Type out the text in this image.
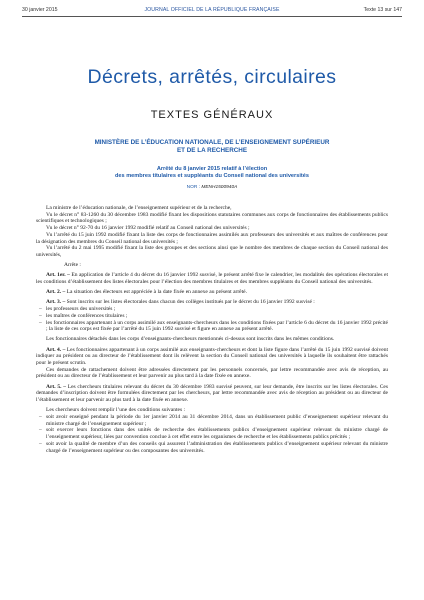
30 janvier 2015	JOURNAL OFFICIEL DE LA RÉPUBLIQUE FRANÇAISE	Texte 13 sur 147
Décrets, arrêtés, circulaires
TEXTES GÉNÉRAUX
MINISTÈRE DE L’ÉDUCATION NATIONALE, DE L’ENSEIGNEMENT SUPÉRIEUR
ET DE LA RECHERCHE
Arrêté du 8 janvier 2015 relatif à l’élection
des membres titulaires et suppléants du Conseil national des universités
NOR : MENH1500940A

La ministre de l’éducation nationale, de l’enseignement supérieur et de la recherche,

Vu le décret n° 83-1260 du 30 décembre 1983 modifié fixant les dispositions statutaires communes aux corps de fonctionnaires des établissements publics scientifiques et technologiques ;

Vu le décret n° 92-70 du 16 janvier 1992 modifié relatif au Conseil national des universités ;

Vu l’arrêté du 15 juin 1992 modifié fixant la liste des corps de fonctionnaires assimilés aux professeurs des universités et aux maîtres de conférences pour la désignation des membres du Conseil national des universités ;

Vu l’arrêté du 2 mai 1995 modifié fixant la liste des groupes et des sections ainsi que le nombre des membres de chaque section du Conseil national des universités,

Arrête :

Art. 1er. – En application de l’article 4 du décret du 16 janvier 1992 susvisé, le présent arrêté fixe le calendrier, les modalités des opérations électorales et les conditions d’établissement des listes électorales pour l’élection des membres titulaires et des membres suppléants du Conseil national des universités.

Art. 2. – La situation des électeurs est appréciée à la date fixée en annexe au présent arrêté.

Art. 3. – Sont inscrits sur les listes électorales dans chacun des collèges institués par le décret du 16 janvier 1992 susvisé :

– les professeurs des universités ;
– les maîtres de conférences titulaires ;
– les fonctionnaires appartenant à un corps assimilé aux enseignants-chercheurs dans les conditions fixées par l’article 6 du décret du 16 janvier 1992 précité ; la liste de ces corps est fixée par l’arrêté du 15 juin 1992 susvisé et figure en annexe au présent arrêté.

Les fonctionnaires détachés dans les corps d’enseignants-chercheurs mentionnés ci-dessus sont inscrits dans les mêmes conditions.

Art. 4. – Les fonctionnaires appartenant à un corps assimilé aux enseignants-chercheurs et dont la liste figure dans l’arrêté du 15 juin 1992 susvisé doivent indiquer au président ou au directeur de l’établissement dont ils relèvent la section du Conseil national des universités à laquelle ils souhaitent être rattachés pour le présent scrutin.

Ces demandes de rattachement doivent être adressées directement par les personnels concernés, par lettre recommandée avec avis de réception, au président ou au directeur de l’établissement et leur parvenir au plus tard à la date fixée en annexe.

Art. 5. – Les chercheurs titulaires relevant du décret du 30 décembre 1983 susvisé peuvent, sur leur demande, être inscrits sur les listes électorales. Ces demandes d’inscription doivent être formulées directement par les chercheurs, par lettre recommandée avec avis de réception au président ou au directeur de l’établissement et leur parvenir au plus tard à la date fixée en annexe.

Les chercheurs doivent remplir l’une des conditions suivantes :

– soit avoir enseigné pendant la période du 1er janvier 2014 au 31 décembre 2014, dans un établissement public d’enseignement supérieur relevant du ministre chargé de l’enseignement supérieur ;
– soit exercer leurs fonctions dans des unités de recherche des établissements publics d’enseignement supérieur relevant du ministre chargé de l’enseignement supérieur, liées par convention conclue à cet effet entre les organismes de recherche et les établissements publics précités ;
– soit avoir la qualité de membre d’un des conseils qui assurent l’administration des établissements publics d’enseignement supérieur relevant du ministre chargé de l’enseignement supérieur ou des composantes des universités.
